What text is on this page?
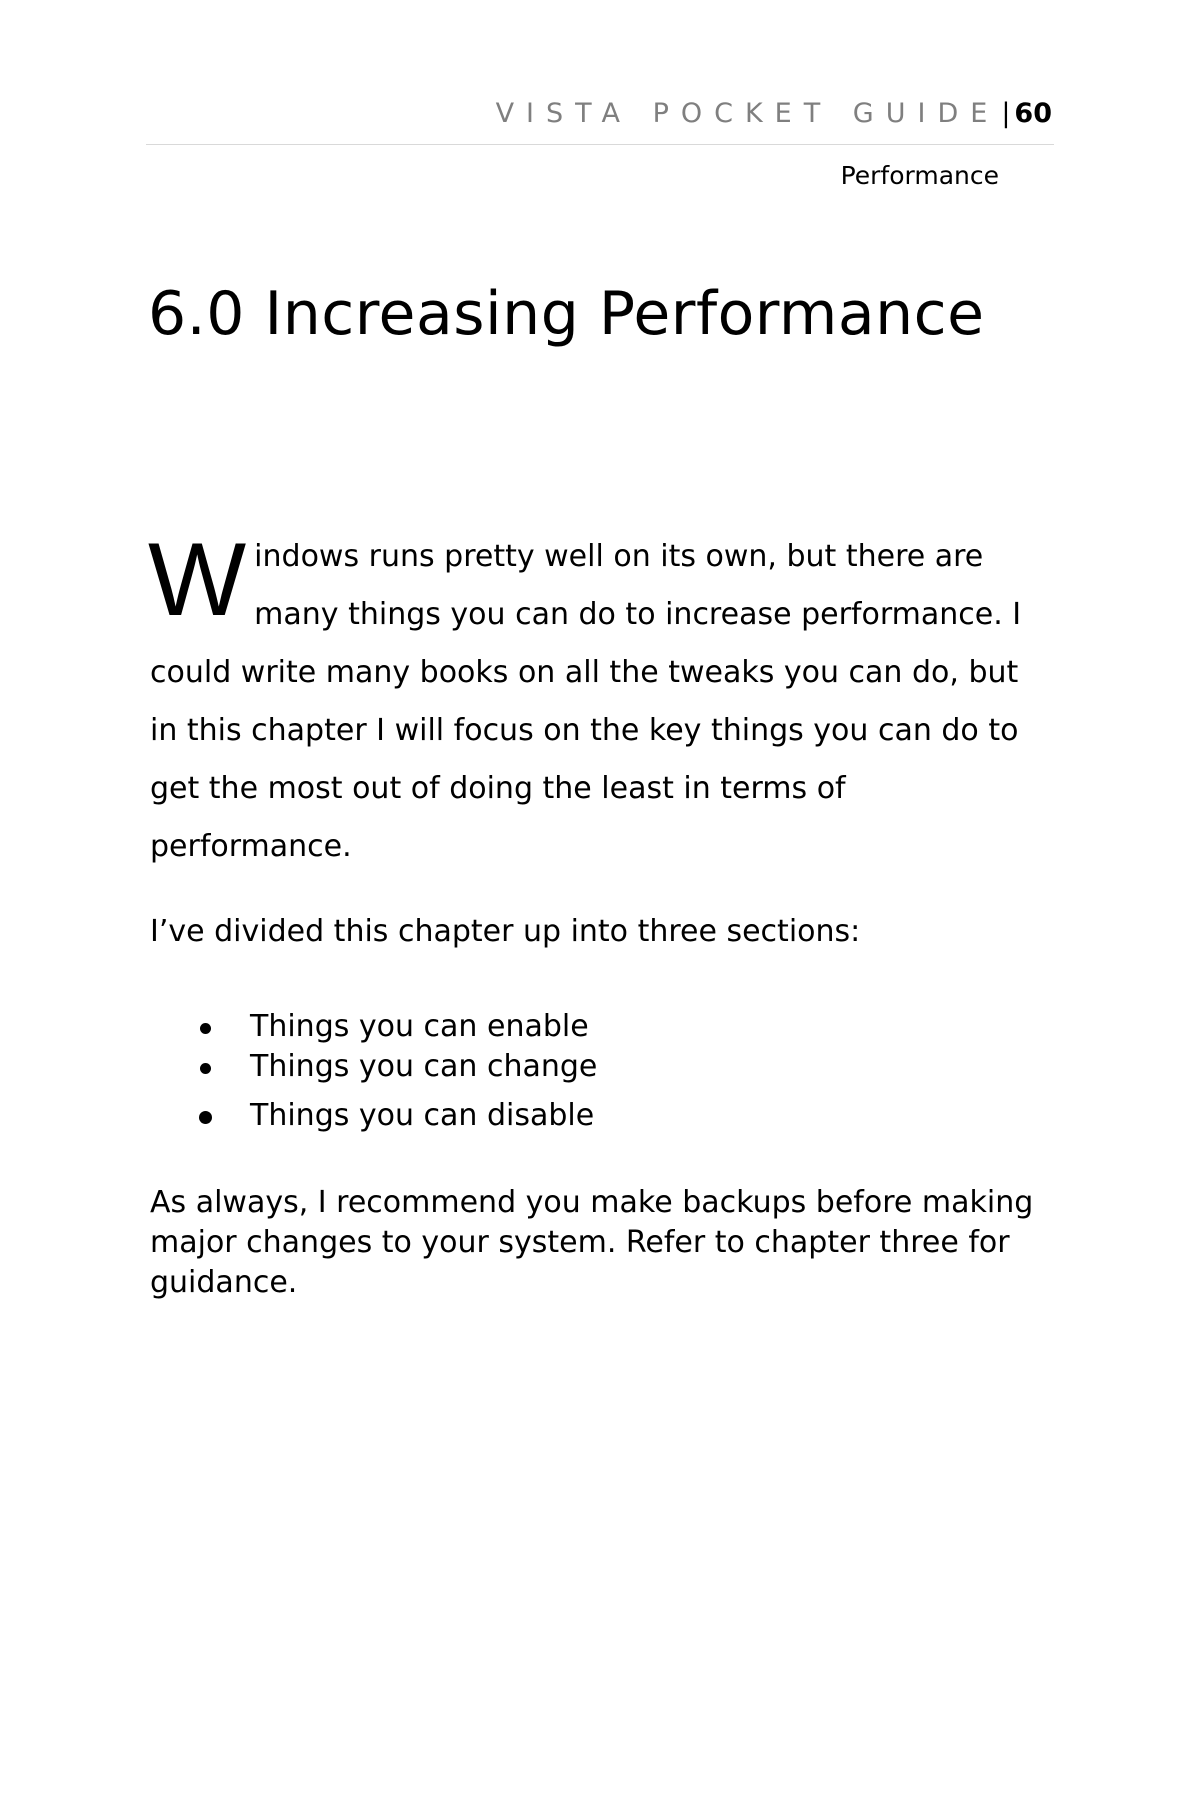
VISTA POCKET GUIDE| 60
Performance
6.0 Increasing Performance

Windows runs pretty well on its own, but there are many things you can do to increase performance. I could write many books on all the tweaks you can do, but in this chapter I will focus on the key things you can do to get the most out of doing the least in terms of performance.

I’ve divided this chapter up into three sections:

Things you can enable
Things you can change
Things you can disable

As always, I recommend you make backups before making major changes to your system. Refer to chapter three for guidance.
